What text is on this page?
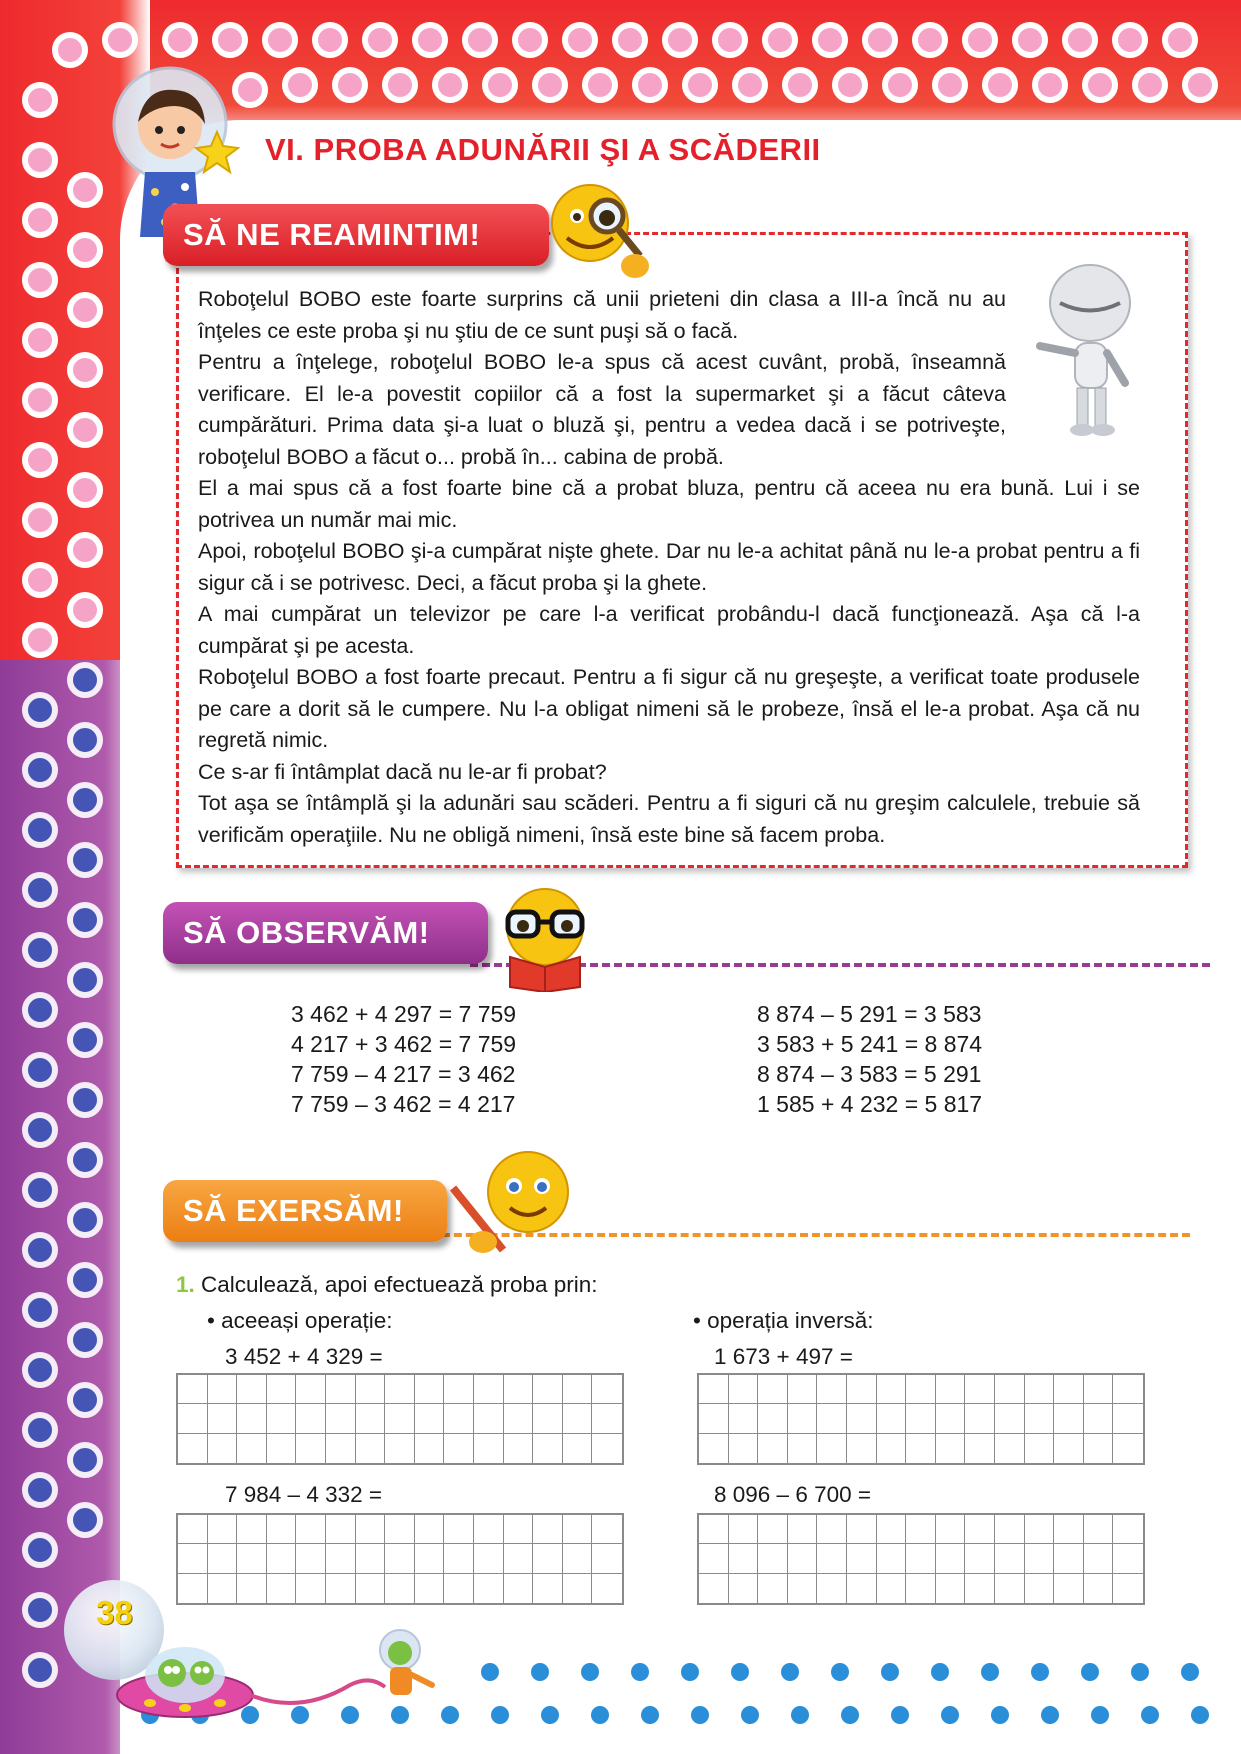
VI. PROBA ADUNĂRII ŞI A SCĂDERII
SĂ NE REAMINTIM!

Roboţelul BOBO este foarte surprins că unii prieteni din clasa a III-a încă nu au înţeles ce este proba şi nu ştiu de ce sunt puşi să o facă.

Pentru a înţelege, roboţelul BOBO le-a spus că acest cuvânt, probă, înseamnă verificare. El le-a povestit copiilor că a fost la supermarket şi a făcut câteva cumpărături. Prima data şi-a luat o bluză şi, pentru a vedea dacă i se potriveşte, roboţelul BOBO a făcut o... probă în... cabina de probă.

El a mai spus că a fost foarte bine că a probat bluza, pentru că aceea nu era bună. Lui i se potrivea un număr mai mic.

Apoi, roboţelul BOBO şi-a cumpărat nişte ghete. Dar nu le-a achitat până nu le-a probat pentru a fi sigur că i se potrivesc. Deci, a făcut proba şi la ghete.

A mai cumpărat un televizor pe care l-a verificat probându-l dacă funcţionează. Aşa că l-a cumpărat şi pe acesta.

Roboţelul BOBO a fost foarte precaut. Pentru a fi sigur că nu greşeşte, a verificat toate produsele pe care a dorit să le cumpere. Nu l-a obligat nimeni să le probeze, însă el le-a probat. Aşa că nu regretă nimic.

Ce s-ar fi întâmplat dacă nu le-ar fi probat?

Tot aşa se întâmplă şi la adunări sau scăderi. Pentru a fi siguri că nu greşim calculele, trebuie să verificăm operaţiile. Nu ne obligă nimeni, însă este bine să facem proba.

SĂ OBSERVĂM!
3 462 + 4 297 = 7 759
4 217 + 3 462 = 7 759
7 759 – 4 217 = 3 462
7 759 – 3 462 = 4 217
8 874 – 5 291 = 3 583
3 583 + 5 241 = 8 874
8 874 – 3 583 = 5 291
1 585 + 4 232 = 5 817
SĂ EXERSĂM!
1. Calculează, apoi efectuează proba prin:
• aceeași operație:	• operația inversă:
3 452 + 4 329 =	1 673 + 497 =
7 984 – 4 332 =	8 096 – 6 700 =
38
